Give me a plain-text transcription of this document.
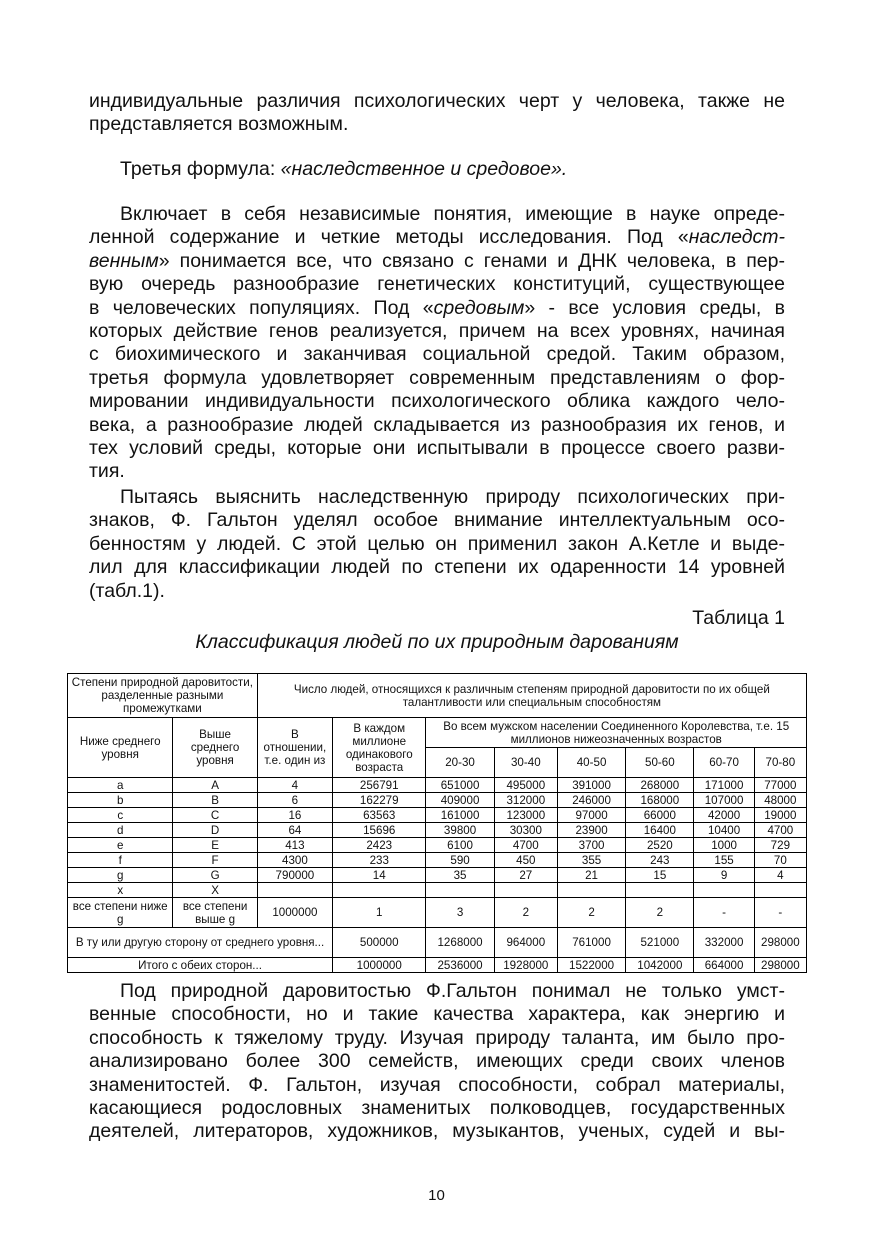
индивидуальные различия психологических черт у человека, также не
представляется возможным.
Третья формула: «наследственное и средовое».
Включает в себя независимые понятия, имеющие в науке опреде-
ленной содержание и четкие методы исследования. Под «наследст-
венным» понимается все, что связано с генами и ДНК человека, в пер-
вую очередь разнообразие генетических конституций, существующее
в человеческих популяциях. Под «средовым» - все условия среды, в
которых действие генов реализуется, причем на всех уровнях, начиная
с биохимического и заканчивая социальной средой. Таким образом,
третья формула удовлетворяет современным представлениям о фор-
мировании индивидуальности психологического облика каждого чело-
века, а разнообразие людей складывается из разнообразия их генов, и
тех условий среды, которые они испытывали в процессе своего разви-
тия.
Пытаясь выяснить наследственную природу психологических при-
знаков, Ф. Гальтон уделял особое внимание интеллектуальным осо-
бенностям у людей. С этой целью он применил закон А.Кетле и выде-
лил для классификации людей по степени их одаренности 14 уровней
(табл.1).

Таблица 1

Классификация людей по их природным дарованиям

Степени природной даровитости, разделенные разными промежутками		Число людей, относящихся к различным степеням природной даровитости по их общей талантливости или специальным способностям							
Ниже среднего уровня	Выше среднего уровня	В отношении, т.е. один из	В каждом миллионе одинакового возраста	Во всем мужском населении Соединенного Королевства, т.е. 15 миллионов нижеозначенных возрастов					
				20-30	30-40	40-50	50-60	60-70	70-80
a	A	4	256791	651000	495000	391000	268000	171000	77000
b	B	6	162279	409000	312000	246000	168000	107000	48000
c	C	16	63563	161000	123000	97000	66000	42000	19000
d	D	64	15696	39800	30300	23900	16400	10400	4700
e	E	413	2423	6100	4700	3700	2520	1000	729
f	F	4300	233	590	450	355	243	155	70
g	G	790000	14	35	27	21	15	9	4
x	X								
все степени ниже g	все степени выше g	1000000	1	3	2	2	2	-	-
В ту или другую сторону от среднего уровня...			500000	1268000	964000	761000	521000	332000	298000
Итого с обеих сторон...			1000000	2536000	1928000	1522000	1042000	664000	298000
Под природной даровитостью Ф.Гальтон понимал не только умст-
венные способности, но и такие качества характера, как энергию и
способность к тяжелому труду. Изучая природу таланта, им было про-
анализировано более 300 семейств, имеющих среди своих членов
знаменитостей. Ф. Гальтон, изучая способности, собрал материалы,
касающиеся родословных знаменитых полководцев, государственных
деятелей, литераторов, художников, музыкантов, ученых, судей и вы-

10
